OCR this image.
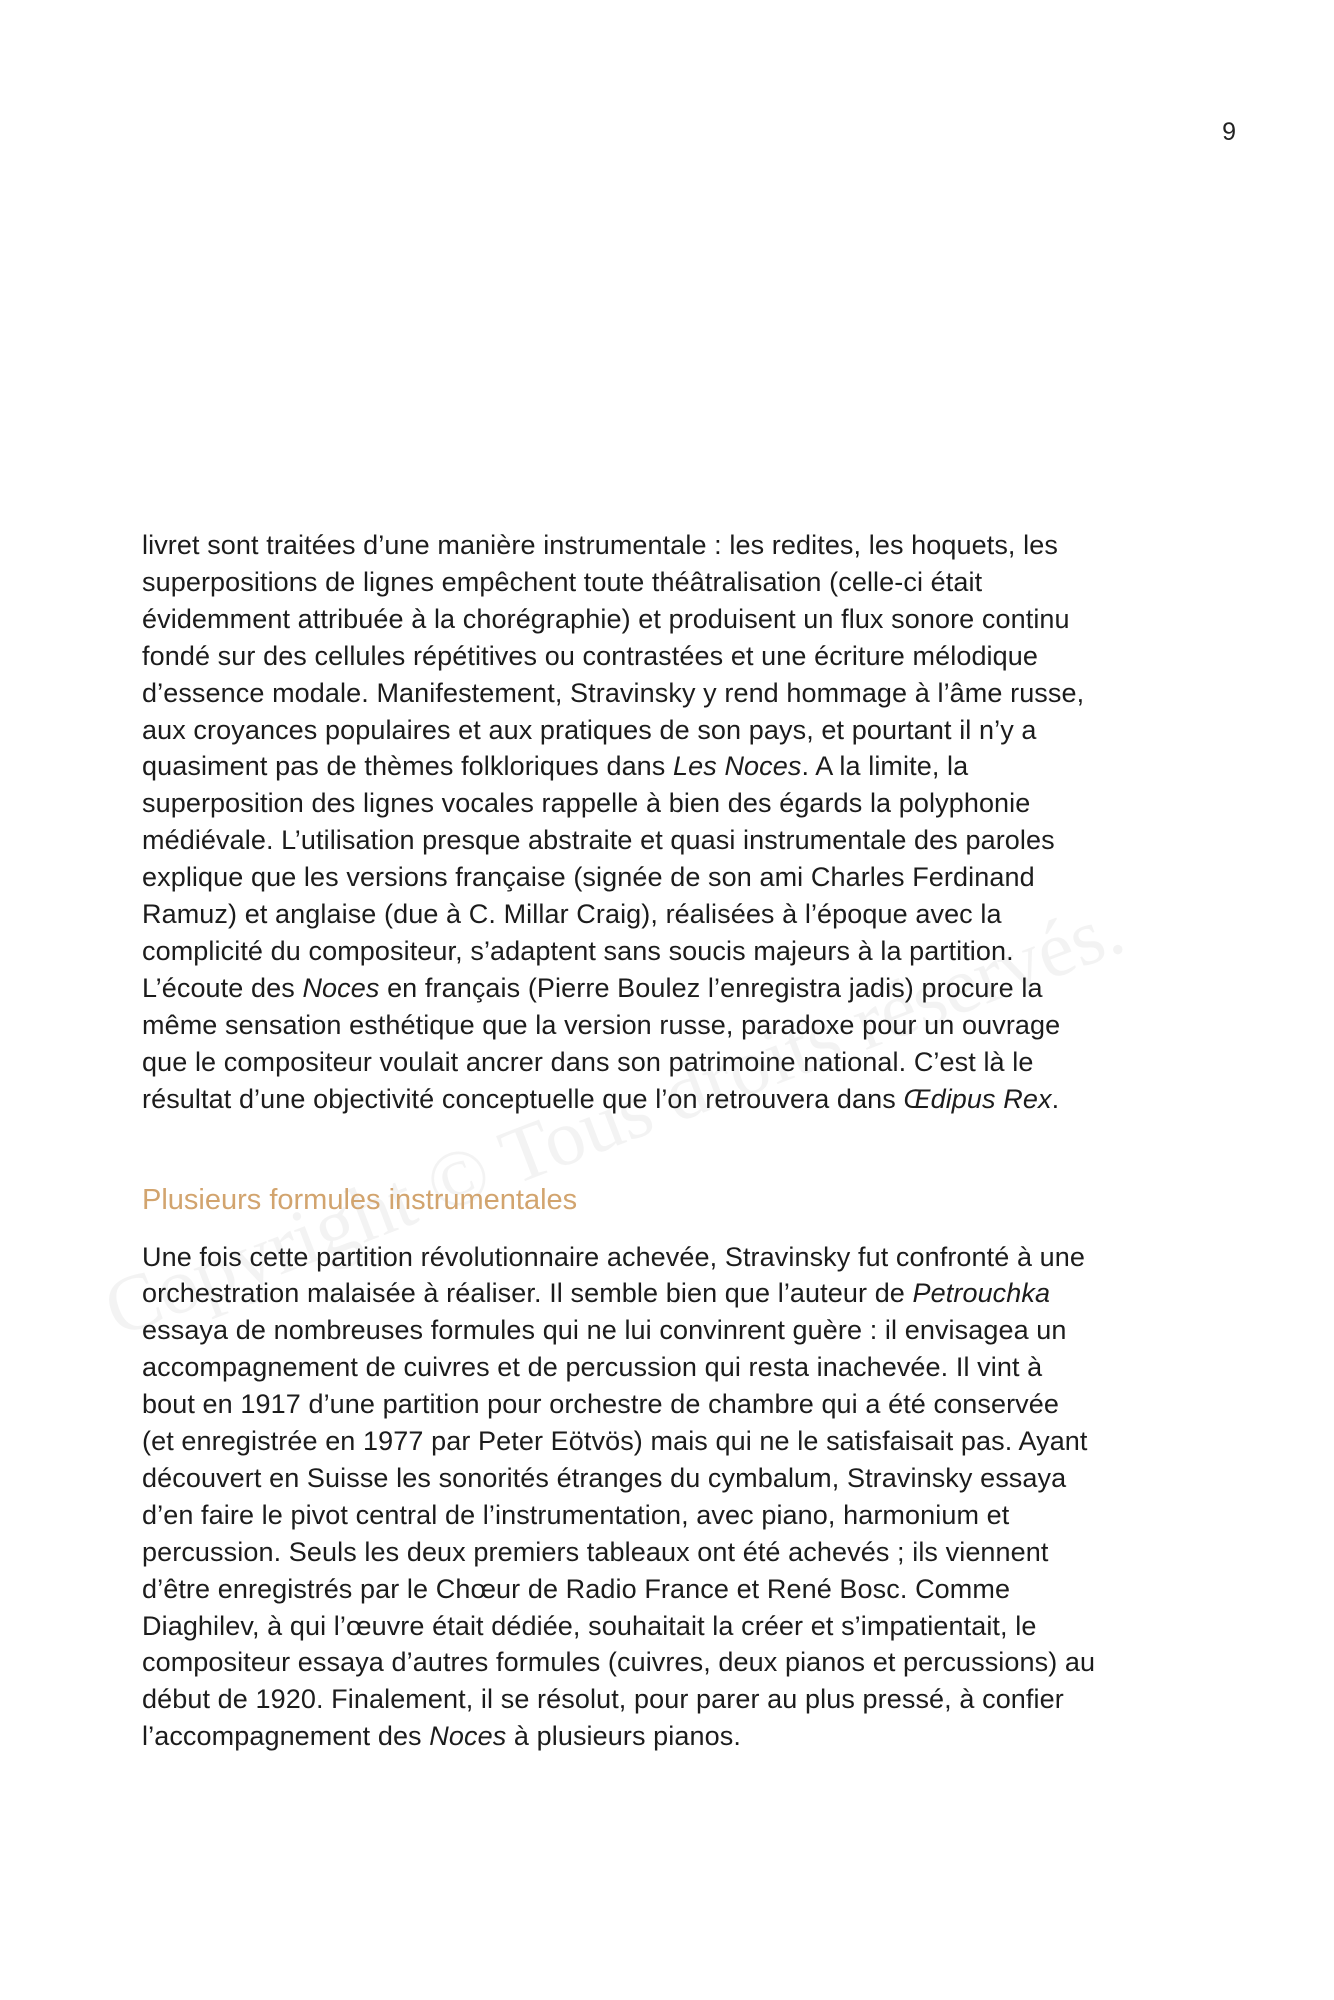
9

livret sont traitées d’une manière instrumentale : les redites, les hoquets, les
superpositions de lignes empêchent toute théâtralisation (celle-ci était
évidemment attribuée à la chorégraphie) et produisent un flux sonore continu
fondé sur des cellules répétitives ou contrastées et une écriture mélodique
d’essence modale. Manifestement, Stravinsky y rend hommage à l’âme russe,
aux croyances populaires et aux pratiques de son pays, et pourtant il n’y a
quasiment pas de thèmes folkloriques dans Les Noces. A la limite, la
superposition des lignes vocales rappelle à bien des égards la polyphonie
médiévale. L’utilisation presque abstraite et quasi instrumentale des paroles
explique que les versions française (signée de son ami Charles Ferdinand
Ramuz) et anglaise (due à C. Millar Craig), réalisées à l’époque avec la
complicité du compositeur, s’adaptent sans soucis majeurs à la partition.
L’écoute des Noces en français (Pierre Boulez l’enregistra jadis) procure la
même sensation esthétique que la version russe, paradoxe pour un ouvrage
que le compositeur voulait ancrer dans son patrimoine national. C’est là le
résultat d’une objectivité conceptuelle que l’on retrouvera dans Œdipus Rex.

Plusieurs formules instrumentales

Une fois cette partition révolutionnaire achevée, Stravinsky fut confronté à une
orchestration malaisée à réaliser. Il semble bien que l’auteur de Petrouchka
essaya de nombreuses formules qui ne lui convinrent guère : il envisagea un
accompagnement de cuivres et de percussion qui resta inachevée. Il vint à
bout en 1917 d’une partition pour orchestre de chambre qui a été conservée
(et enregistrée en 1977 par Peter Eötvös) mais qui ne le satisfaisait pas. Ayant
découvert en Suisse les sonorités étranges du cymbalum, Stravinsky essaya
d’en faire le pivot central de l’instrumentation, avec piano, harmonium et
percussion. Seuls les deux premiers tableaux ont été achevés ; ils viennent
d’être enregistrés par le Chœur de Radio France et René Bosc. Comme
Diaghilev, à qui l’œuvre était dédiée, souhaitait la créer et s’impatientait, le
compositeur essaya d’autres formules (cuivres, deux pianos et percussions) au
début de 1920. Finalement, il se résolut, pour parer au plus pressé, à confier
l’accompagnement des Noces à plusieurs pianos.
